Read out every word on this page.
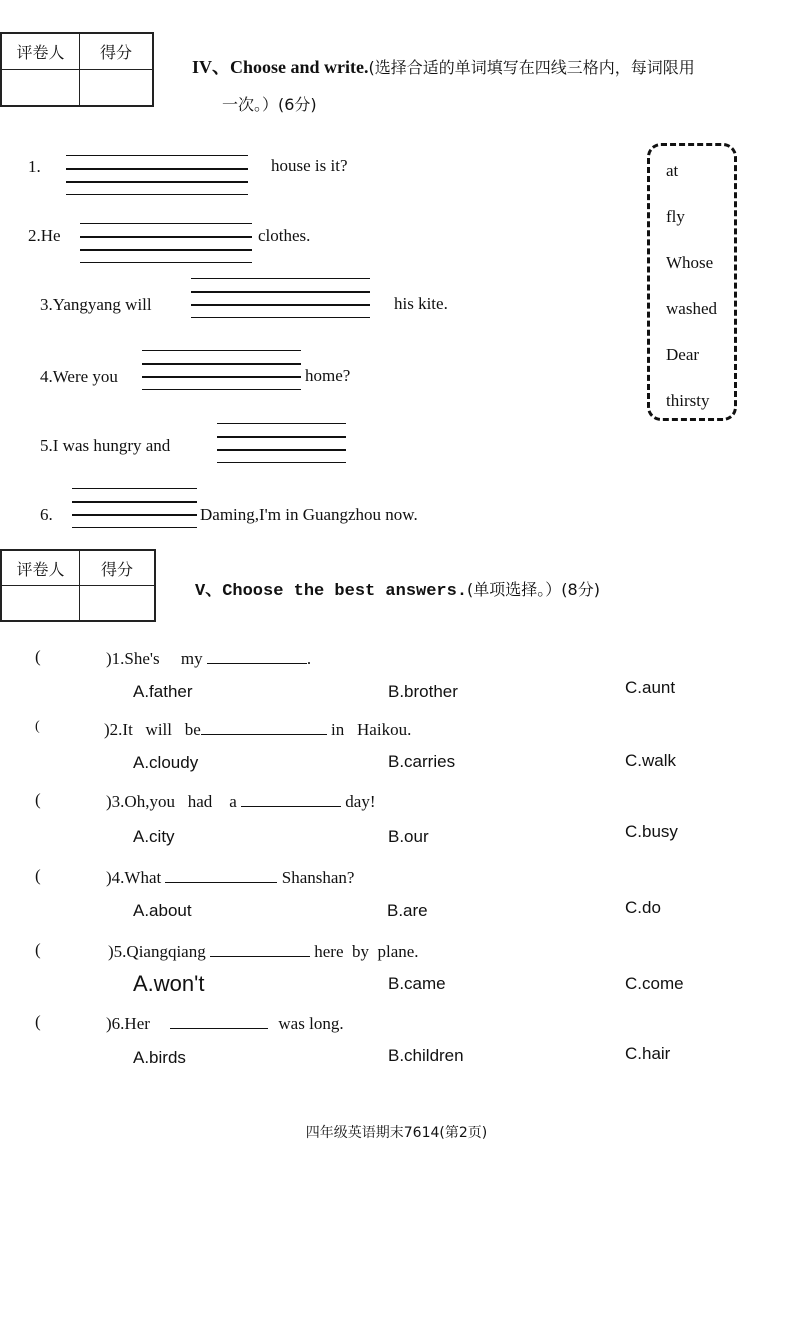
评卷人	得分

IV、Choose and write.(选择合适的单词填写在四线三格内，每词限用
一次。）(6分)
1.	house is it?
2.He	clothes.
3.Yangyang will	his kite.
4.Were you	home?
5.I was hungry and
6.	Daming,I'm in Guangzhou now.
at
fly
Whose
washed
Dear
thirsty
评卷人	得分

V、Choose the best answers.(单项选择。）(8分)
(	)1.She's     my	.
A.father	B.brother	C.aunt
(	)2.It   will   be	in   Haikou.
A.cloudy	B.carries	C.walk
(	)3.Oh,you   had    a	day!
A.city	B.our	C.busy
(	)4.What	Shanshan?
A.about	B.are	C.do
(	)5.Qiangqiang	here  by  plane.
A.won't	B.came	C.come
(	)6.Her	was long.
A.birds	B.children	C.hair
四年级英语期末7614(第2页)
